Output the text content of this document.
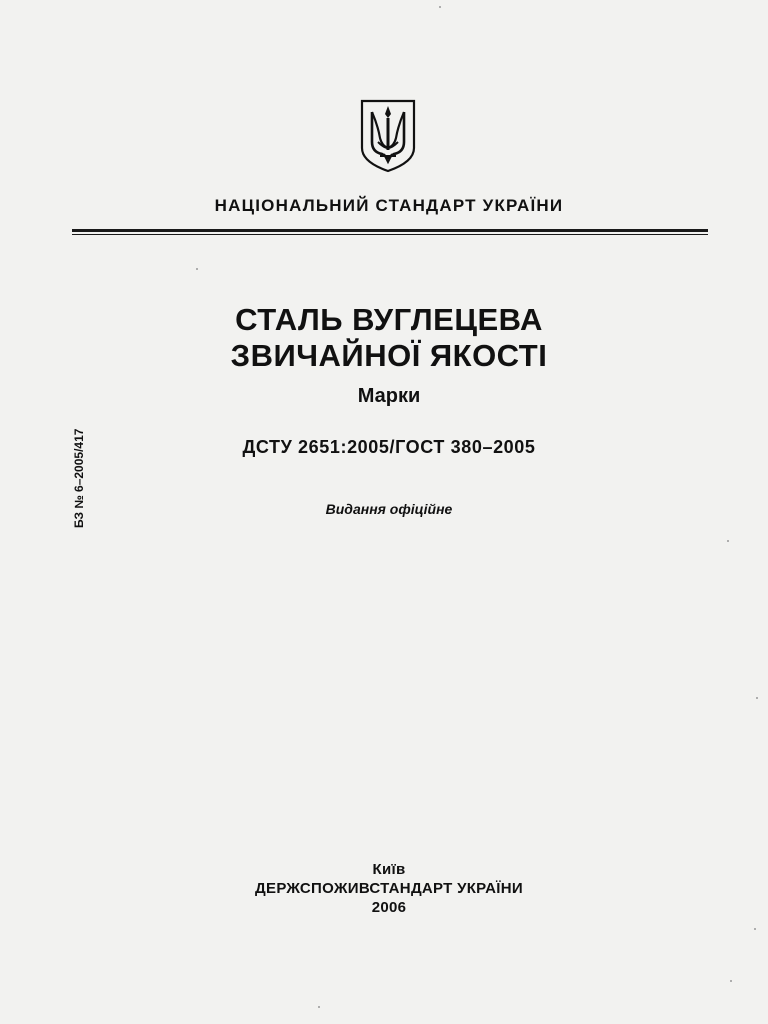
НАЦІОНАЛЬНИЙ СТАНДАРТ УКРАЇНИ
БЗ № 6–2005/417
СТАЛЬ ВУГЛЕЦЕВА
ЗВИЧАЙНОЇ ЯКОСТІ
Марки
ДСТУ 2651:2005/ГОСТ 380–2005
Видання офіційне
Київ
ДЕРЖСПОЖИВСТАНДАРТ УКРАЇНИ
2006
